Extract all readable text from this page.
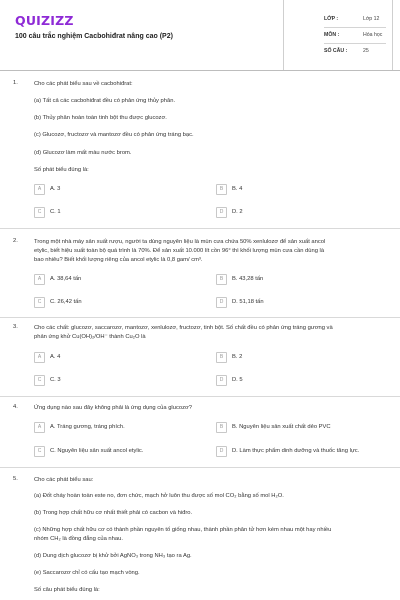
QUIZIZZ
100 câu trắc nghiệm Cacbohiđrat nâng cao (P2)
LỚP :	Lớp 12
MÔN :	Hóa học
SỐ CÂU :	25
1.	Cho các phát biểu sau về cacbohiđrat:
(a) Tất cả các cacbohiđrat đều có phản ứng thủy phân.
(b) Thủy phân hoàn toàn tinh bột thu được glucozơ.
(c) Glucozơ, fructozơ và mantozơ đều có phản ứng tráng bạc.
(d) Glucozơ làm mất màu nước brom.
Số phát biểu đúng là:
A	A. 3	B	B. 4
C	C. 1	D	D. 2
2.	Trong một nhà máy sản xuất rượu, người ta dùng nguyên liệu là mùn cưa chứa 50% xenlulozơ để sản xuất ancol
etylic, biết hiệu suất toàn bộ quá trình là 70%. Để sản xuất 10.000 lít cồn 96° thì khối lượng mùn cưa cần dùng là
bao nhiêu? Biết khối lượng riêng của ancol etylic là 0,8 gam/ cm³.
A	A. 38,64 tấn	B	B. 43,28 tấn
C	C. 26,42 tấn	D	D. 51,18 tấn
3.	Cho các chất: glucozơ, saccarozơ, mantozơ, xenlulozơ, fructozơ, tinh bột. Số chất đều có phản ứng tráng gương và
phản ứng khử Cu(OH)₂/OH⁻ thành Cu₂O là
A	A. 4	B	B. 2
C	C. 3	D	D. 5
4.	Ứng dụng nào sau đây không phải là ứng dụng của glucozơ?
A	A. Tráng gương, tráng phích.	B	B. Nguyên liệu sản xuất chất dẻo PVC
C	C. Nguyên liệu sản xuất ancol etylic.	D	D. Làm thực phẩm dinh dưỡng và thuốc tăng lực.
5.	Cho các phát biểu sau:
(a) Đốt cháy hoàn toàn este no, đơn chức, mạch hở luôn thu được số mol CO₂ bằng số mol H₂O.
(b) Trong hợp chất hữu cơ nhất thiết phải có cacbon và hiđro.
(c) Những hợp chất hữu cơ có thành phần nguyên tố giống nhau, thành phần phân tử hơn kém nhau một hay nhiều
nhóm CH₂ là đồng đẳng của nhau.
(d) Dung dịch glucozơ bị khử bởi AgNO₃ trong NH₃ tạo ra Ag.
(e) Saccarozơ chỉ có cấu tạo mạch vòng.
Số câu phát biểu đúng là:
